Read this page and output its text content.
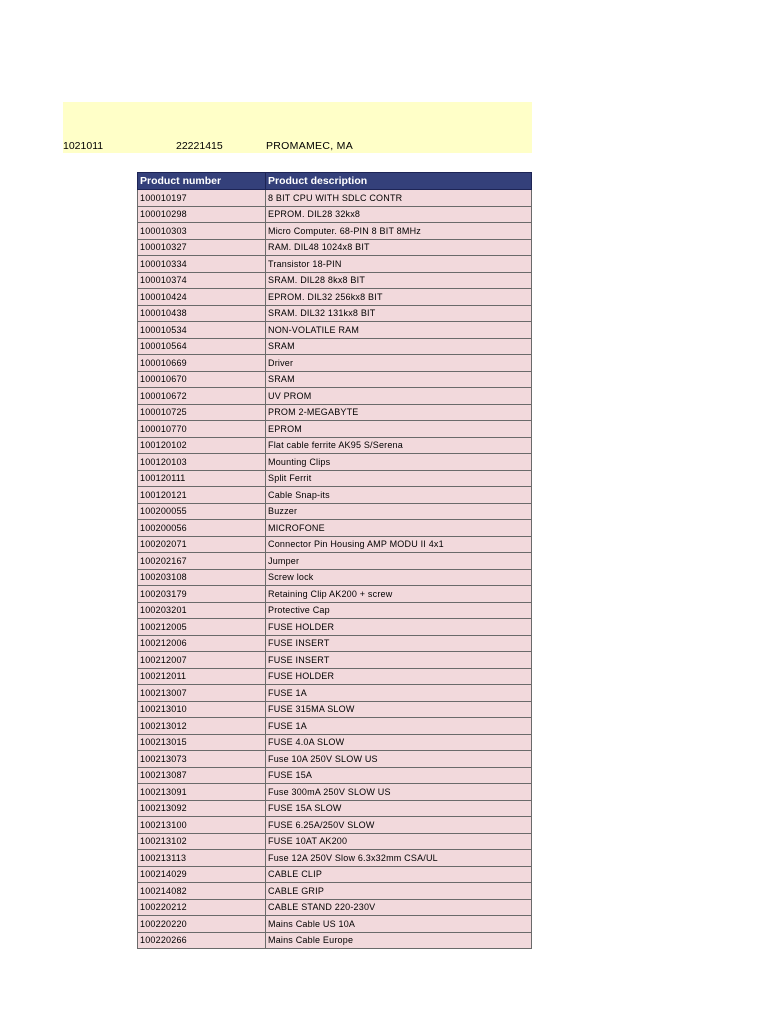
1021011	22221415	PROMAMEC, MA
Product number	Product description
100010197	8 BIT CPU WITH SDLC CONTR
100010298	EPROM. DIL28 32kx8
100010303	Micro Computer. 68-PIN 8 BIT 8MHz
100010327	RAM. DIL48 1024x8 BIT
100010334	Transistor 18-PIN
100010374	SRAM. DIL28 8kx8 BIT
100010424	EPROM. DIL32 256kx8 BIT
100010438	SRAM. DIL32 131kx8 BIT
100010534	NON-VOLATILE RAM
100010564	SRAM
100010669	Driver
100010670	SRAM
100010672	UV PROM
100010725	PROM 2-MEGABYTE
100010770	EPROM
100120102	Flat cable ferrite AK95 S/Serena
100120103	Mounting Clips
100120111	Split Ferrit
100120121	Cable Snap-its
100200055	Buzzer
100200056	MICROFONE
100202071	Connector Pin Housing AMP MODU II 4x1
100202167	Jumper
100203108	Screw lock
100203179	Retaining Clip AK200 + screw
100203201	Protective Cap
100212005	FUSE HOLDER
100212006	FUSE INSERT
100212007	FUSE INSERT
100212011	FUSE HOLDER
100213007	FUSE 1A
100213010	FUSE 315MA SLOW
100213012	FUSE 1A
100213015	FUSE 4.0A SLOW
100213073	Fuse 10A 250V SLOW US
100213087	FUSE 15A
100213091	Fuse 300mA 250V SLOW US
100213092	FUSE 15A SLOW
100213100	FUSE 6.25A/250V SLOW
100213102	FUSE 10AT AK200
100213113	Fuse 12A 250V Slow 6.3x32mm CSA/UL
100214029	CABLE CLIP
100214082	CABLE GRIP
100220212	CABLE STAND 220-230V
100220220	Mains Cable US 10A
100220266	Mains Cable Europe
